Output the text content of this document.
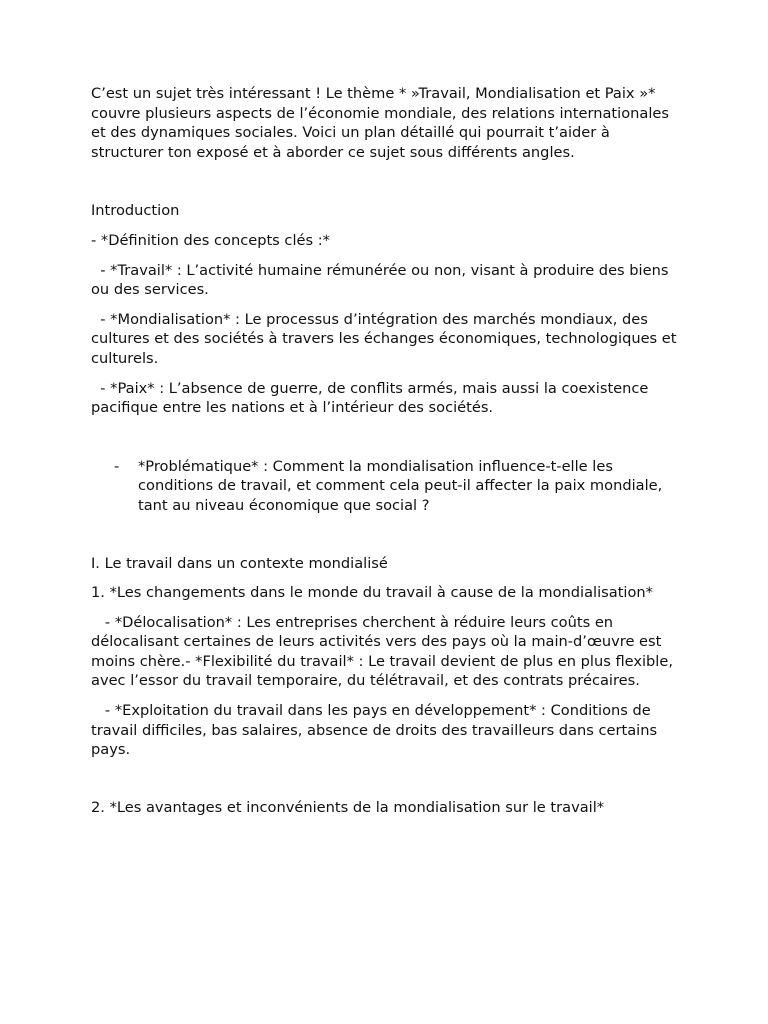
C’est un sujet très intéressant ! Le thème * »Travail, Mondialisation et Paix »* couvre plusieurs aspects de l’économie mondiale, des relations internationales et des dynamiques sociales. Voici un plan détaillé qui pourrait t’aider à structurer ton exposé et à aborder ce sujet sous différents angles.

Introduction

- *Définition des concepts clés :*

- *Travail* : L’activité humaine rémunérée ou non, visant à produire des biens ou des services.

- *Mondialisation* : Le processus d’intégration des marchés mondiaux, des cultures et des sociétés à travers les échanges économiques, technologiques et culturels.

- *Paix* : L’absence de guerre, de conflits armés, mais aussi la coexistence pacifique entre les nations et à l’intérieur des sociétés.

- *Problématique* : Comment la mondialisation influence-t-elle les conditions de travail, et comment cela peut-il affecter la paix mondiale, tant au niveau économique que social ?

I. Le travail dans un contexte mondialisé

1. *Les changements dans le monde du travail à cause de la mondialisation*

- *Délocalisation* : Les entreprises cherchent à réduire leurs coûts en délocalisant certaines de leurs activités vers des pays où la main-d’œuvre est moins chère.- *Flexibilité du travail* : Le travail devient de plus en plus flexible, avec l’essor du travail temporaire, du télétravail, et des contrats précaires.

- *Exploitation du travail dans les pays en développement* : Conditions de travail difficiles, bas salaires, absence de droits des travailleurs dans certains pays.

2. *Les avantages et inconvénients de la mondialisation sur le travail*
